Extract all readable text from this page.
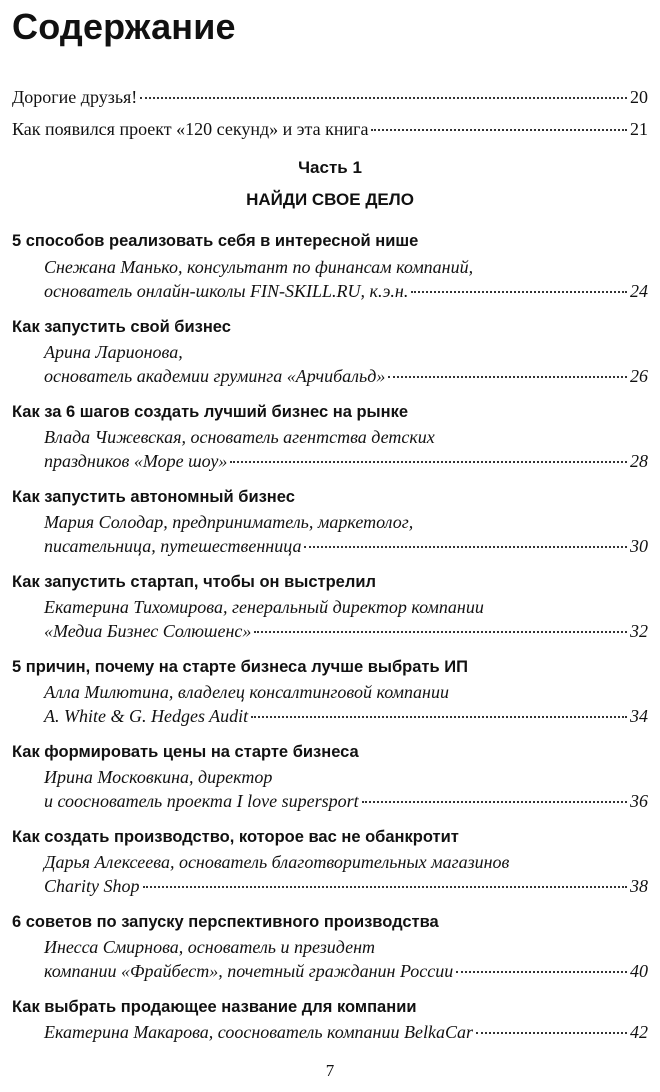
Содержание
Дорогие друзья!	20
Как появился проект «120 секунд» и эта книга	21
Часть 1
НАЙДИ СВОЕ ДЕЛО
5 способов реализовать себя в интересной нише
Снежана Манько, консультант по финансам компаний,
основатель онлайн-школы FIN-SKILL.RU, к.э.н.	24
Как запустить свой бизнес
Арина Ларионова,
основатель академии груминга «Арчибальд»	26
Как за 6 шагов создать лучший бизнес на рынке
Влада Чижевская, основатель агентства детских
праздников «Море шоу»	28
Как запустить автономный бизнес
Мария Солодар, предприниматель, маркетолог,
писательница, путешественница	30
Как запустить стартап, чтобы он выстрелил
Екатерина Тихомирова, генеральный директор компании
«Медиа Бизнес Солюшенс»	32
5 причин, почему на старте бизнеса лучше выбрать ИП
Алла Милютина, владелец консалтинговой компании
A. White & G. Hedges Audit	34
Как формировать цены на старте бизнеса
Ирина Московкина, директор
и сооснователь проекта I love supersport	36
Как создать производство, которое вас не обанкротит
Дарья Алексеева, основатель благотворительных магазинов
Charity Shop	38
6 советов по запуску перспективного производства
Инесса Смирнова, основатель и президент
компании «Фрайбест», почетный гражданин России	40
Как выбрать продающее название для компании
Екатерина Макарова, сооснователь компании BelkaCar	42
7
